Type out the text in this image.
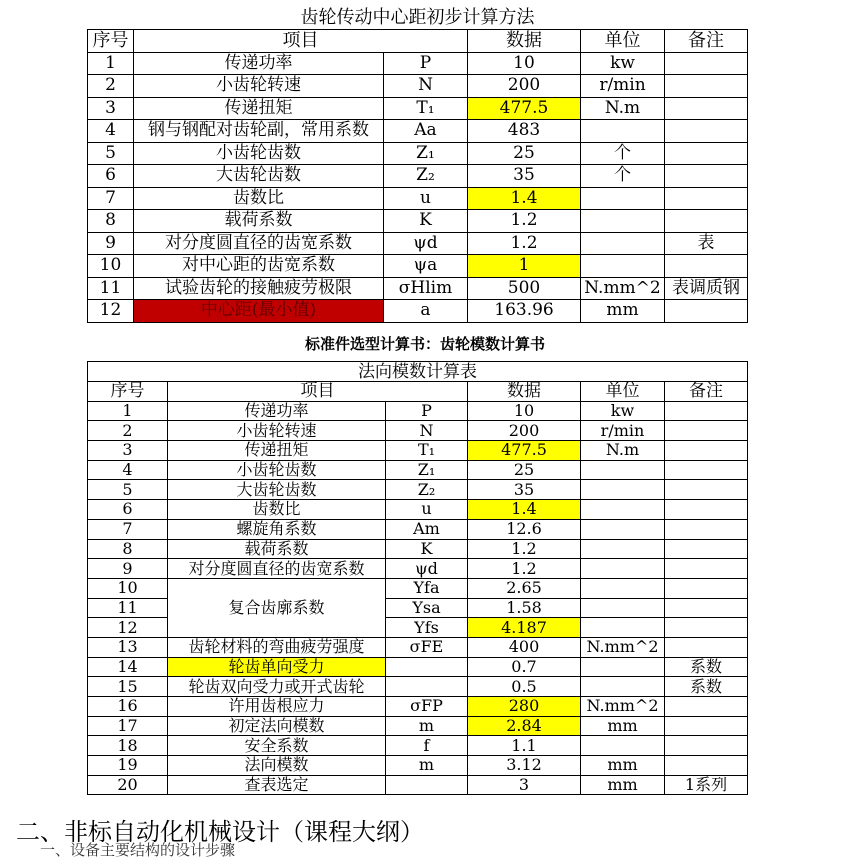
齿轮传动中心距初步计算方法					
序号	项目		数据	单位	备注
1	传递功率	P	10	kw	
2	小齿轮转速	N	200	r/min	
3	传递扭矩	T₁	477.5	N.m	
4	钢与钢配对齿轮副，常用系数	Aa	483		
5	小齿轮齿数	Z₁	25	个	
6	大齿轮齿数	Z₂	35	个	
7	齿数比	u	1.4		
8	载荷系数	K	1.2		
9	对分度圆直径的齿宽系数	ψd	1.2		表
10	对中心距的齿宽系数	ψa	1		
11	试验齿轮的接触疲劳极限	σHlim	500	N.mm^2	表调质钢
12	中心距(最小值)	a	163.96	mm	
标准件选型计算书：齿轮模数计算书
法向模数计算表					
序号	项目		数据	单位	备注
1	传递功率	P	10	kw	
2	小齿轮转速	N	200	r/min	
3	传递扭矩	T₁	477.5	N.m	
4	小齿轮齿数	Z₁	25		
5	大齿轮齿数	Z₂	35		
6	齿数比	u	1.4		
7	螺旋角系数	Am	12.6		
8	载荷系数	K	1.2		
9	对分度圆直径的齿宽系数	ψd	1.2		
10	复合齿廓系数	Yfa	2.65		
11		Ysa	1.58		
12		Yfs	4.187		
13	齿轮材料的弯曲疲劳强度	σFE	400	N.mm^2	
14	轮齿单向受力		0.7		系数
15	轮齿双向受力或开式齿轮		0.5		系数
16	许用齿根应力	σFP	280	N.mm^2	
17	初定法向模数	m	2.84	mm	
18	安全系数	f	1.1		
19	法向模数	m	3.12	mm	
20	查表选定		3	mm	1系列
二、非标自动化机械设计（课程大纲）
一、设备主要结构的设计步骤
